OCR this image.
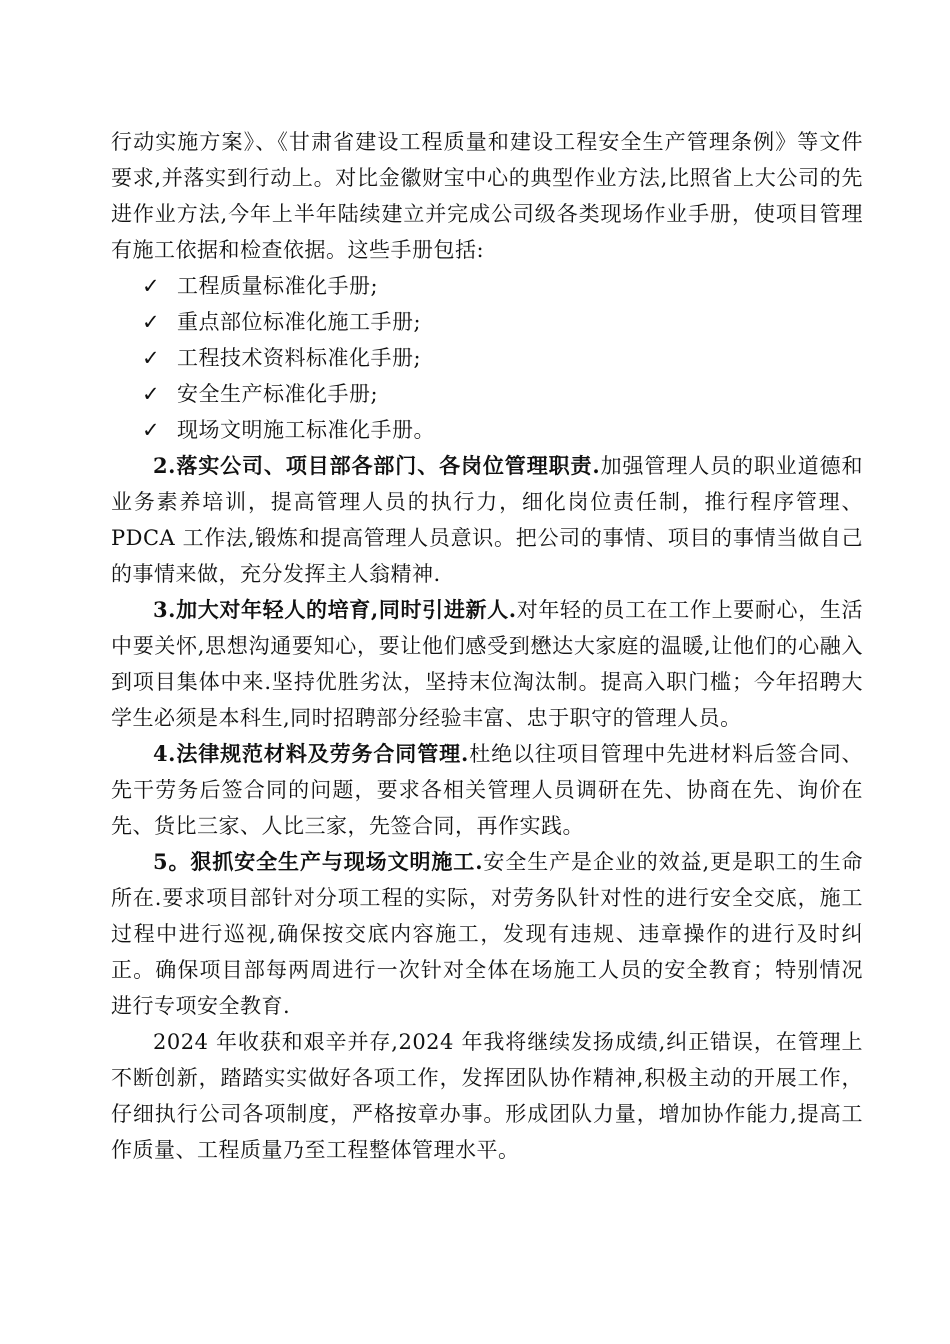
行动实施方案》、《甘肃省建设工程质量和建设工程安全生产管理条例》等文件要求,并落实到行动上。对比金徽财宝中心的典型作业方法,比照省上大公司的先进作业方法,今年上半年陆续建立并完成公司级各类现场作业手册，使项目管理有施工依据和检查依据。这些手册包括:

✓ 工程质量标准化手册;
✓ 重点部位标准化施工手册;
✓ 工程技术资料标准化手册;
✓ 安全生产标准化手册;
✓ 现场文明施工标准化手册。

2.落实公司、项目部各部门、各岗位管理职责.加强管理人员的职业道德和业务素养培训，提高管理人员的执行力，细化岗位责任制，推行程序管理、PDCA 工作法,锻炼和提高管理人员意识。把公司的事情、项目的事情当做自己的事情来做，充分发挥主人翁精神.

3.加大对年轻人的培育,同时引进新人.对年轻的员工在工作上要耐心，生活中要关怀,思想沟通要知心，要让他们感受到懋达大家庭的温暖,让他们的心融入到项目集体中来.坚持优胜劣汰，坚持末位淘汰制。提高入职门槛；今年招聘大学生必须是本科生,同时招聘部分经验丰富、忠于职守的管理人员。

4.法律规范材料及劳务合同管理.杜绝以往项目管理中先进材料后签合同、先干劳务后签合同的问题，要求各相关管理人员调研在先、协商在先、询价在先、货比三家、人比三家，先签合同，再作实践。

5。狠抓安全生产与现场文明施工.安全生产是企业的效益,更是职工的生命所在.要求项目部针对分项工程的实际，对劳务队针对性的进行安全交底，施工过程中进行巡视,确保按交底内容施工，发现有违规、违章操作的进行及时纠正。确保项目部每两周进行一次针对全体在场施工人员的安全教育；特别情况进行专项安全教育.

2024 年收获和艰辛并存,2024 年我将继续发扬成绩,纠正错误，在管理上不断创新，踏踏实实做好各项工作，发挥团队协作精神,积极主动的开展工作，仔细执行公司各项制度，严格按章办事。形成团队力量，增加协作能力,提高工作质量、工程质量乃至工程整体管理水平。
